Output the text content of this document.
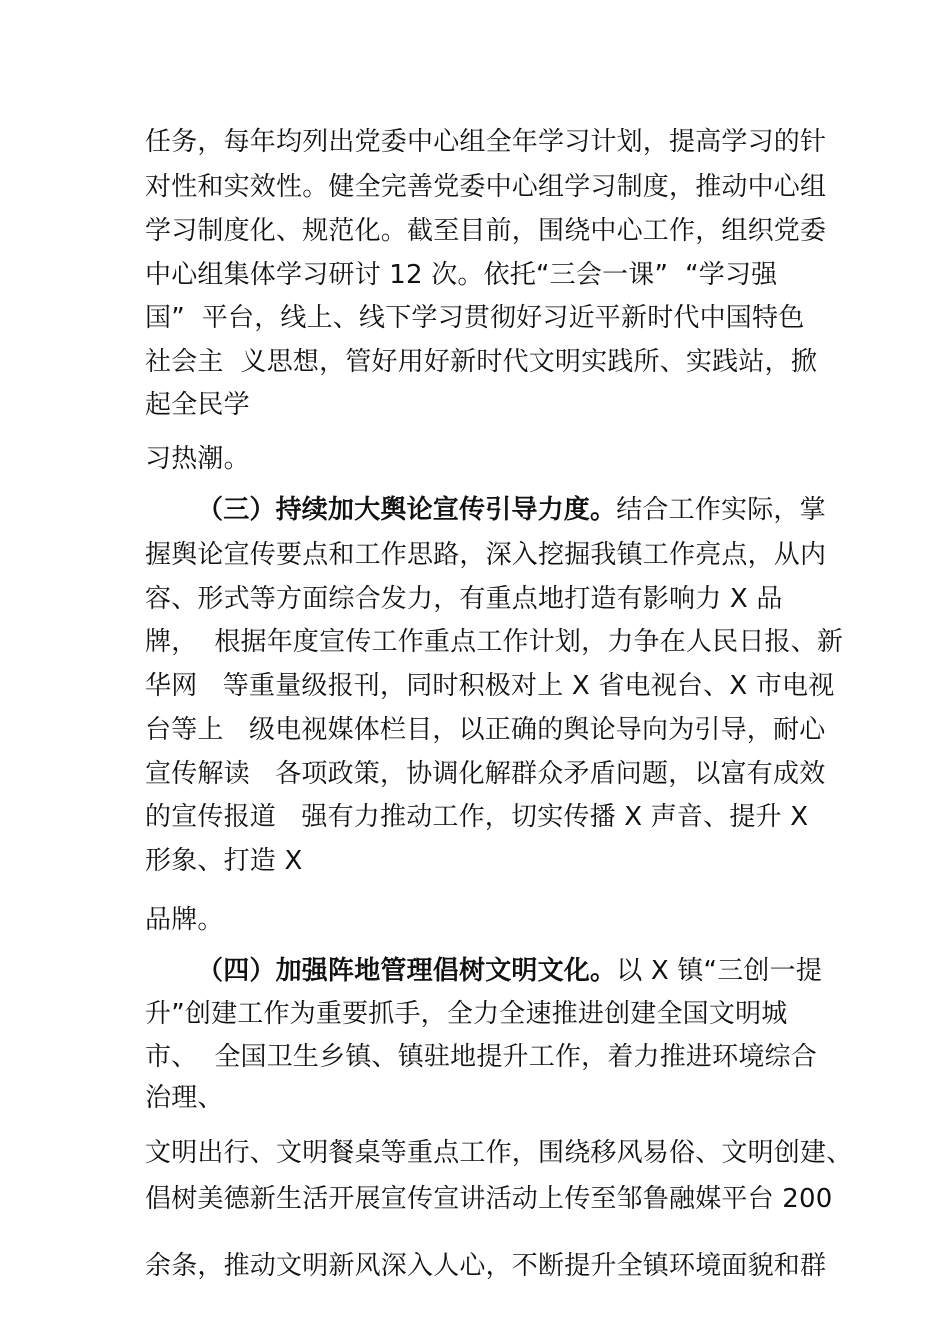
任务，每年均列出党委中心组全年学习计划，提高学习的针
对性和实效性。健全完善党委中心组学习制度，推动中心组
学习制度化、规范化。截至目前，围绕中心工作，组织党委
中心组集体学习研讨 12 次。依托“三会一课”  “学习强
国”  平台，线上、线下学习贯彻好习近平新时代中国特色
社会主  义思想，管好用好新时代文明实践所、实践站，掀
起全民学
习热潮。
（三）持续加大舆论宣传引导力度。结合工作实际，掌
握舆论宣传要点和工作思路，深入挖掘我镇工作亮点，从内
容、形式等方面综合发力，有重点地打造有影响力 X 品
牌，  根据年度宣传工作重点工作计划，力争在人民日报、新
华网   等重量级报刊，同时积极对上 X 省电视台、X 市电视
台等上   级电视媒体栏目，以正确的舆论导向为引导，耐心
宣传解读   各项政策，协调化解群众矛盾问题，以富有成效
的宣传报道   强有力推动工作，切实传播 X 声音、提升 X
形象、打造 X
品牌。
（四）加强阵地管理倡树文明文化。以 X 镇“三创一提
升”创建工作为重要抓手，全力全速推进创建全国文明城
市、  全国卫生乡镇、镇驻地提升工作，着力推进环境综合
治理、
文明出行、文明餐桌等重点工作，围绕移风易俗、文明创建、
倡树美德新生活开展宣传宣讲活动上传至邹鲁融媒平台 200
余条，推动文明新风深入人心，不断提升全镇环境面貌和群
